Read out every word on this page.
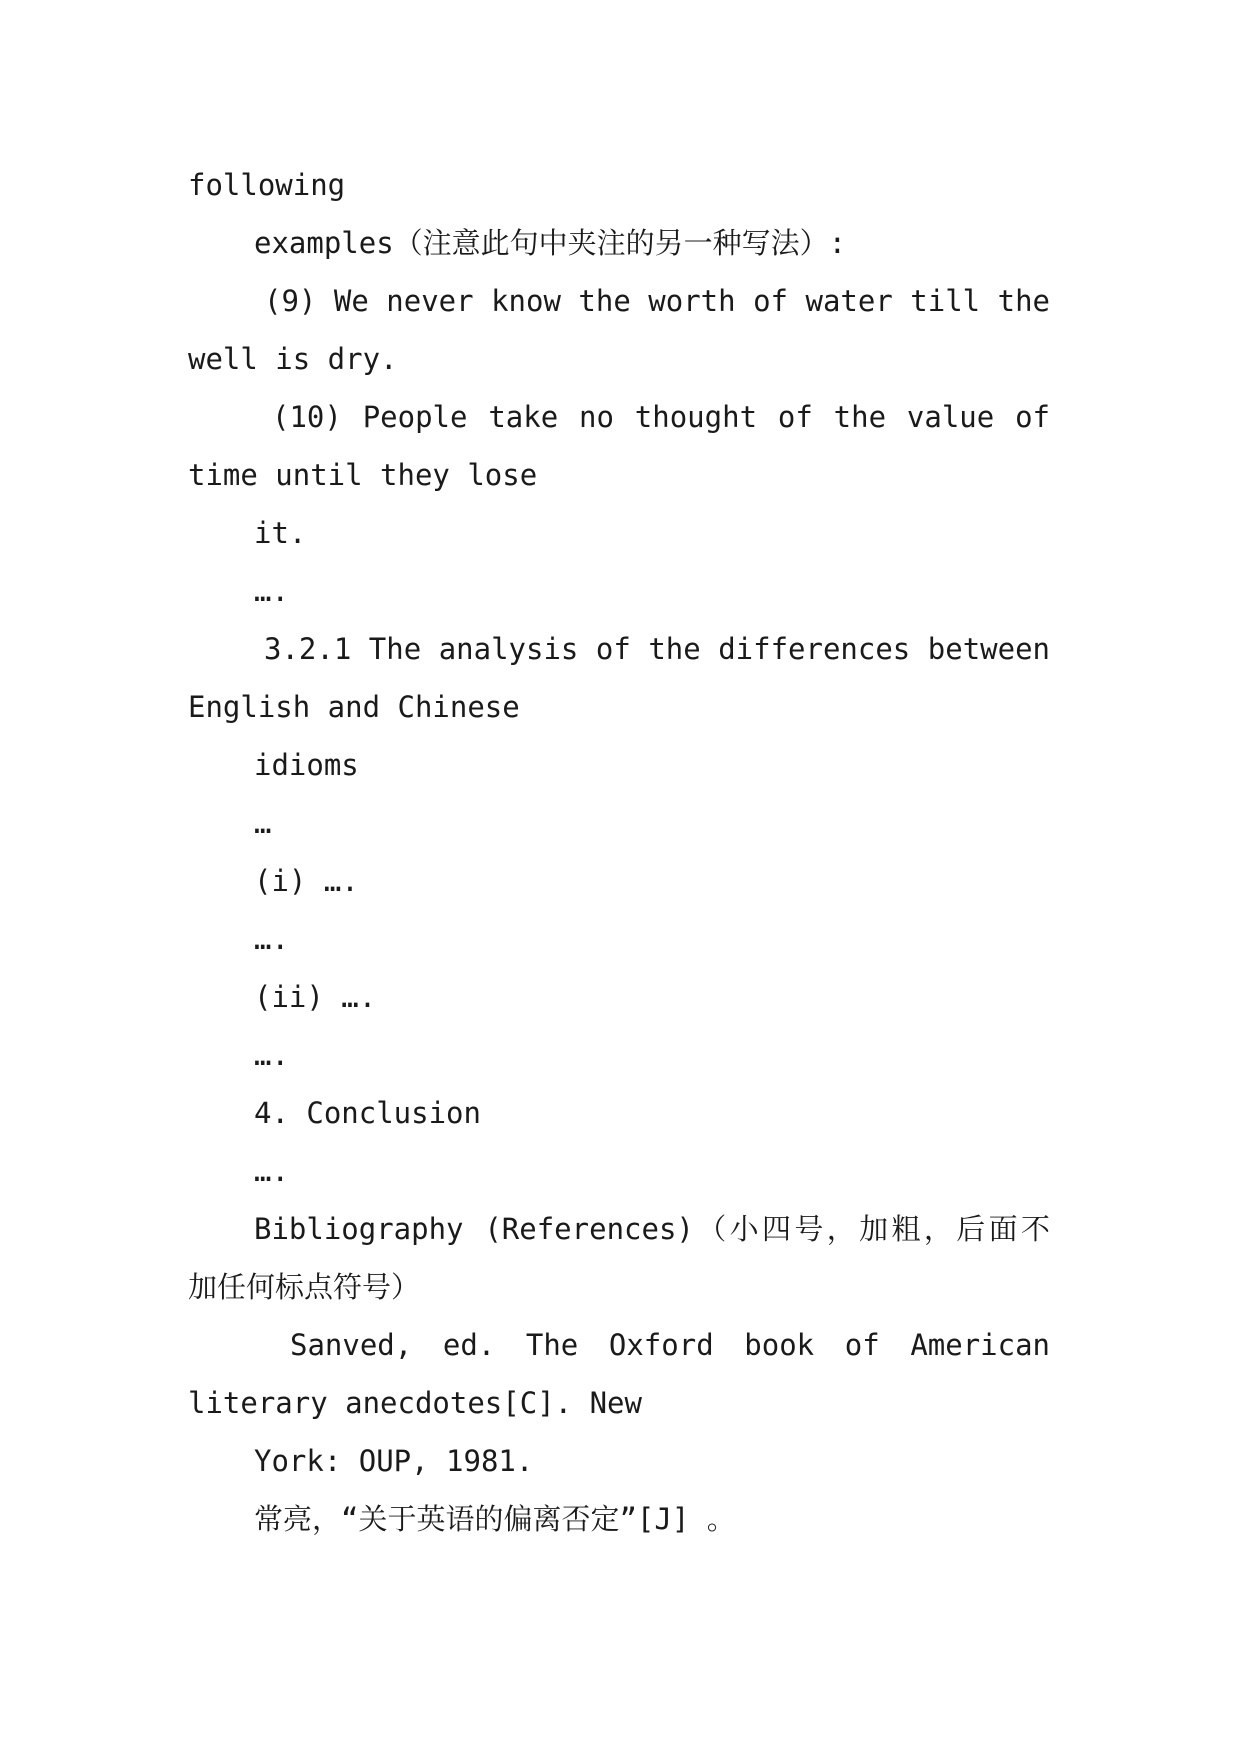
following

examples（注意此句中夹注的另一种写法）:

(9) We never know the worth of water till the

well is dry.

(10) People take no thought of the value of

time until they lose

it.

….

3.2.1 The analysis of the differences between

English and Chinese

idioms

…

(i) ….

….

(ii) ….

….

4. Conclusion

….

Bibliography (References)（小四号，加粗，后面不

加任何标点符号）

Sanved, ed. The Oxford book of American

literary anecdotes[C]. New

York: OUP, 1981.

常亮，“关于英语的偏离否定”[J] 。
